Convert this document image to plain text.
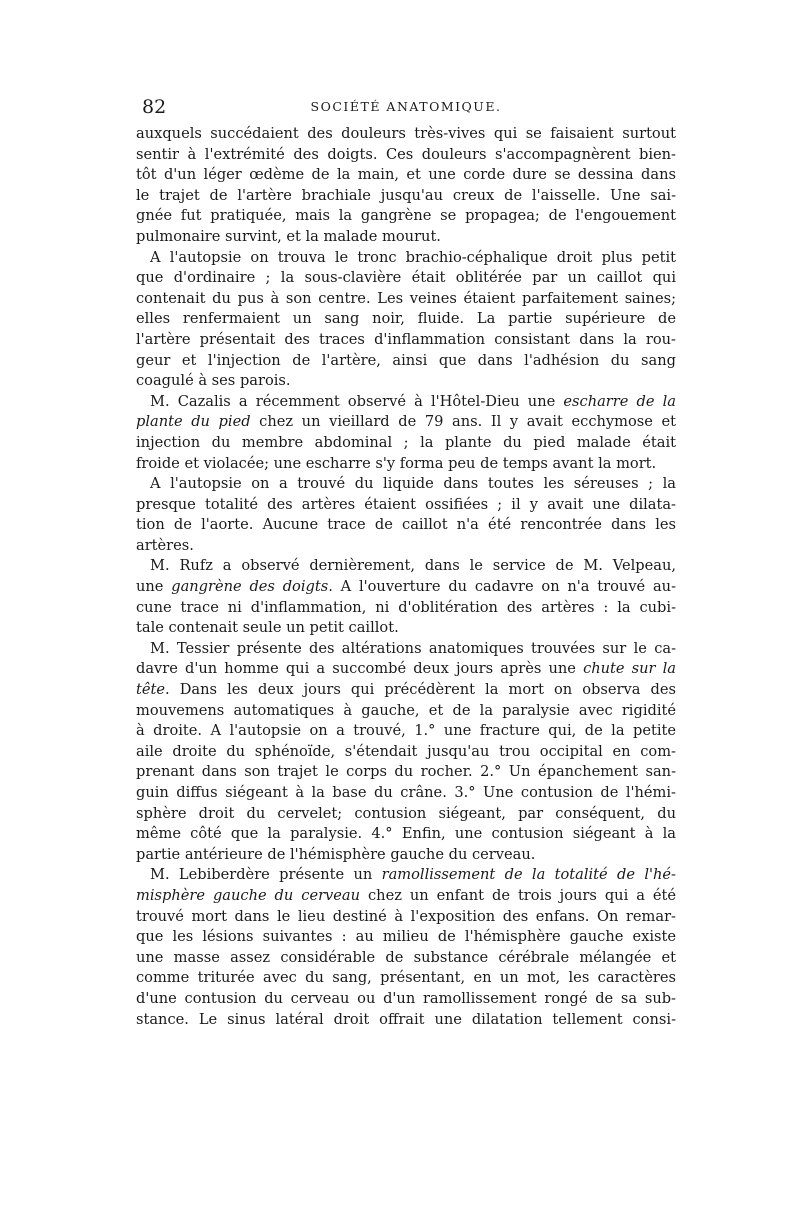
82	SOCIÉTÉ ANATOMIQUE.
auxquels succédaient des douleurs très-vives qui se faisaient surtout
sentir à l'extrémité des doigts. Ces douleurs s'accompagnèrent bien-
tôt d'un léger œdème de la main, et une corde dure se dessina dans
le trajet de l'artère brachiale jusqu'au creux de l'aisselle. Une sai-
gnée fut pratiquée, mais la gangrène se propagea; de l'engouement
pulmonaire survint, et la malade mourut.
A l'autopsie on trouva le tronc brachio-céphalique droit plus petit
que d'ordinaire ; la sous-clavière était oblitérée par un caillot qui
contenait du pus à son centre. Les veines étaient parfaitement saines;
elles renfermaient un sang noir, fluide. La partie supérieure de
l'artère présentait des traces d'inflammation consistant dans la rou-
geur et l'injection de l'artère, ainsi que dans l'adhésion du sang
coagulé à ses parois.
M. Cazalis a récemment observé à l'Hôtel-Dieu une escharre de la
plante du pied chez un vieillard de 79 ans. Il y avait ecchymose et
injection du membre abdominal ; la plante du pied malade était
froide et violacée; une escharre s'y forma peu de temps avant la mort.
A l'autopsie on a trouvé du liquide dans toutes les séreuses ; la
presque totalité des artères étaient ossifiées ; il y avait une dilata-
tion de l'aorte. Aucune trace de caillot n'a été rencontrée dans les
artères.
M. Rufz a observé dernièrement, dans le service de M. Velpeau,
une gangrène des doigts. A l'ouverture du cadavre on n'a trouvé au-
cune trace ni d'inflammation, ni d'oblitération des artères : la cubi-
tale contenait seule un petit caillot.
M. Tessier présente des altérations anatomiques trouvées sur le ca-
davre d'un homme qui a succombé deux jours après une chute sur la
tête. Dans les deux jours qui précédèrent la mort on observa des
mouvemens automatiques à gauche, et de la paralysie avec rigidité
à droite. A l'autopsie on a trouvé, 1.° une fracture qui, de la petite
aile droite du sphénoïde, s'étendait jusqu'au trou occipital en com-
prenant dans son trajet le corps du rocher. 2.° Un épanchement san-
guin diffus siégeant à la base du crâne. 3.° Une contusion de l'hémi-
sphère droit du cervelet; contusion siégeant, par conséquent, du
même côté que la paralysie. 4.° Enfin, une contusion siégeant à la
partie antérieure de l'hémisphère gauche du cerveau.
M. Lebiberdère présente un ramollissement de la totalité de l'hé-
misphère gauche du cerveau chez un enfant de trois jours qui a été
trouvé mort dans le lieu destiné à l'exposition des enfans. On remar-
que les lésions suivantes : au milieu de l'hémisphère gauche existe
une masse assez considérable de substance cérébrale mélangée et
comme triturée avec du sang, présentant, en un mot, les caractères
d'une contusion du cerveau ou d'un ramollissement rongé de sa sub-
stance. Le sinus latéral droit offrait une dilatation tellement consi-
